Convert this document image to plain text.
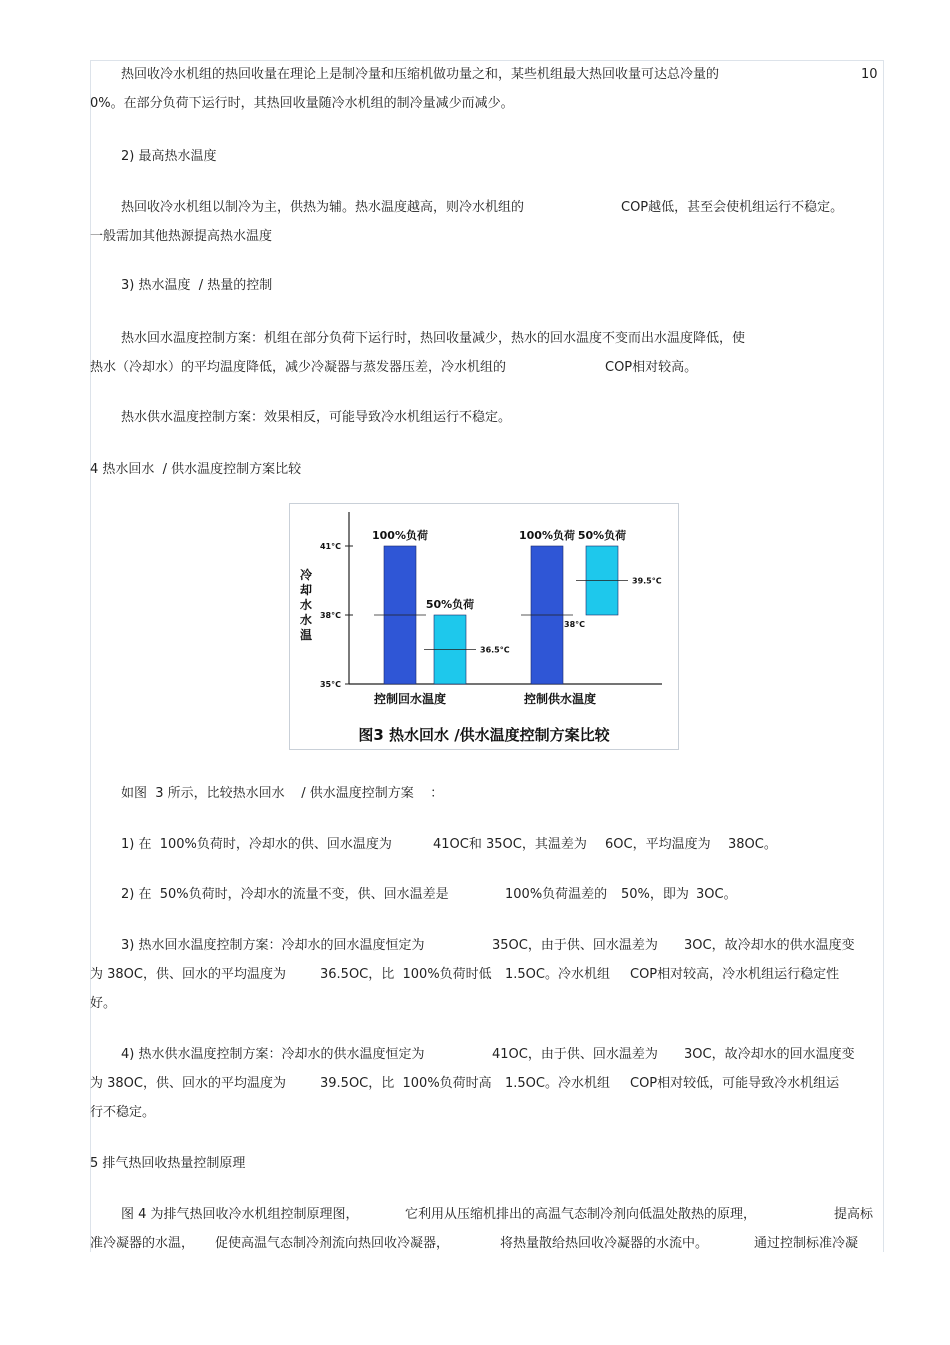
热回收冷水机组的热回收量在理论上是制冷量和压缩机做功量之和，某些机组最大热回收量可达总冷量的	10
0%。在部分负荷下运行时，其热回收量随冷水机组的制冷量减少而减少。
2) 最高热水温度
热回收冷水机组以制冷为主，供热为辅。热水温度越高，则冷水机组的	COP越低，甚至会使机组运行不稳定。
一般需加其他热源提高热水温度
3) 热水温度  / 热量的控制
热水回水温度控制方案：机组在部分负荷下运行时，热回收量减少，热水的回水温度不变而出水温度降低，使
热水（冷却水）的平均温度降低，减少冷凝器与蒸发器压差，冷水机组的	COP相对较高。
热水供水温度控制方案：效果相反，可能导致冷水机组运行不稳定。
4 热水回水  / 供水温度控制方案比较
35°C
38°C
41°C
冷
却
水
水
温
100%负荷
50%负荷
36.5°C
控制回水温度
100%负荷 50%负荷
39.5°C
38°C
控制供水温度
图3 热水回水 /供水温度控制方案比较
如图  3 所示，比较热水回水    / 供水温度控制方案    ：
1) 在  100%负荷时，冷却水的供、回水温度为	41OC和 35OC，其温差为 6OC，平均温度为 38OC。
2) 在  50%负荷时，冷却水的流量不变，供、回水温差是	100%负荷温差的 50%，即为 3OC。
3) 热水回水温度控制方案：冷却水的回水温度恒定为	35OC，由于供、回水温差为 3OC，故冷却水的供水温度变
为 38OC，供、回水的平均温度为	36.5OC，比  100%负荷时低 1.5OC。冷水机组 COP相对较高，冷水机组运行稳定性
好。
4) 热水供水温度控制方案：冷却水的供水温度恒定为	41OC，由于供、回水温差为 3OC，故冷却水的回水温度变
为 38OC，供、回水的平均温度为	39.5OC，比  100%负荷时高 1.5OC。冷水机组 COP相对较低，可能导致冷水机组运
行不稳定。
5 排气热回收热量控制原理
图 4 为排气热回收冷水机组控制原理图，	它利用从压缩机排出的高温气态制冷剂向低温处散热的原理，	提高标
准冷凝器的水温， 促使高温气态制冷剂流向热回收冷凝器，	将热量散给热回收冷凝器的水流中。	通过控制标准冷凝
